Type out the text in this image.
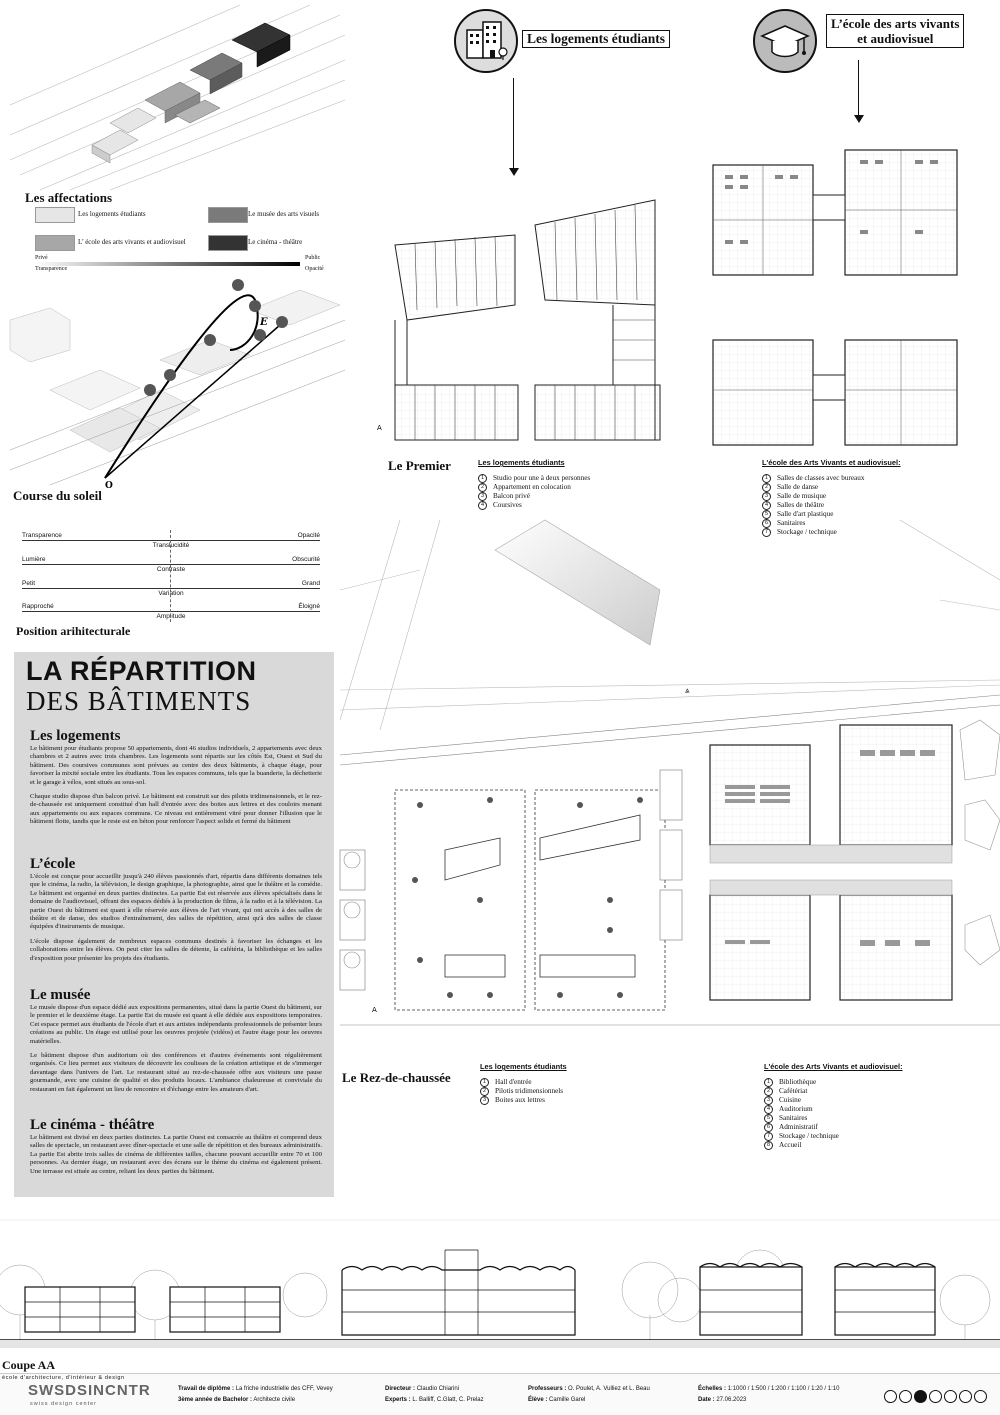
Les affectations
Les logements étudiants	Le musée des arts visuels
L’ école des arts vivants et audiovisuel	Le cinéma - théâtre
Privé
Transparence
Public
Opacité
E
O
Course du soleil
Transparence	Opacité
Translucidité
Lumière	Obscurité
Contraste
Petit	Grand
Variation
Rapproché	Éloigné
Amplitude
Position arihitecturale
LA RÉPARTITION
DES BÂTIMENTS
Les logements

Le bâtiment pour étudiants propose 50 appartements, dont 46 studios individuels, 2 appartements avec deux chambres et 2 autres avec trois chambres. Les logements sont répartis sur les côtés Est, Ouest et Sud du bâtiment. Des coursives communes sont prévues au centre des deux bâtiments, à chaque étage, pour favoriser la mixité sociale entre les étudiants. Tous les espaces communs, tels que la buanderie, la déchetterie et le garage à vélos, sont situés au sous-sol.

Chaque studio dispose d'un balcon privé. Le bâtiment est construit sur des pilotis tridimensionnels, et le rez-de-chaussée est uniquement constitué d'un hall d'entrée avec des boites aux lettres et des couloirs menant aux appartements ou aux espaces communs. Ce niveau est entièrement vitré pour donner l'illusion que le bâtiment flotte, tandis que le reste est en béton pour renforcer l'aspect solide et fermé du bâtiment

L’école

L'école est conçue pour accueillir jusqu'à 240 élèves passionnés d'art, répartis dans différents domaines tels que le cinéma, la radio, la télévision, le design graphique, la photographie, ainsi que le théâtre et la comédie. Le bâtiment est organisé en deux parties distinctes. La partie Est est réservée aux élèves spécialisés dans le domaine de l'audiovisuel, offrant des espaces dédiés à la production de films, à la radio et à la télévision. La partie Ouest du bâtiment est quant à elle réservée aux élèves de l'art vivant, qui ont accès à des salles de théâtre et de danse, des studios d'entraînement, des salles de répétition, ainsi qu'à des salles de classe équipées d'instruments de musique.

L'école dispose également de nombreux espaces communs destinés à favoriser les échanges et les collaborations entre les élèves. On peut citer les salles de détente, la cafétéria, la bibliothèque et les salles d'exposition pour présenter les projets des étudiants.

Le musée

Le musée dispose d'un espace dédié aux expositions permanentes, situé dans la partie Ouest du bâtiment, sur le premier et le deuxième étage. La partie Est du musée est quant à elle dédiée aux expositions temporaires. Cet espace permet aux étudiants de l'école d'art et aux artistes indépendants professionnels de présenter leurs créations au public. Un étage est utilisé pour les oeuvres projetée (vidéos) et l'autre étage pour les oeuvres matérielles.

Le bâtiment dispose d'un auditorium où des conférences et d'autres événements sont régulièrement organisés. Ce lieu permet aux visiteurs de découvrir les coulisses de la création artistique et de s'immerger davantage dans l'univers de l'art. Le restaurant situé au rez-de-chaussée offre aux visiteurs une pause gourmande, avec une cuisine de qualité et des produits locaux. L'ambiance chaleureuse et conviviale du restaurant en fait également un lieu de rencontre et d'échange entre les amateurs d'art.

Le cinéma - théâtre

Le bâtiment est divisé en deux parties distinctes. La partie Ouest est consacrée au théâtre et comprend deux salles de spectacle, un restaurant avec dîner-spectacle et une salle de répétition et des bureaux administratifs. La partie Est abrite trois salles de cinéma de différentes tailles, chacune pouvant accueillir entre 70 et 100 personnes. Au dernier étage, un restaurant avec des écrans sur le thème du cinéma est également présent. Une terrasse est située au centre, reliant les deux parties du bâtiment.

Les logements étudiants
L’école des arts vivants
et audiovisuel
A
Le Premier	Les logements étudiants
1	Studio pour une à deux personnes
2	Appartement en colocation
3	Balcon privé
4	Coursives
L'école des Arts Vivants et audiovisuel:
1	Salles de classes avec bureaux
2	Salle de danse
3	Salle de musique
4	Salles de théâtre
5	Salle d'art plastique
6	Sanitaires
7	Stockage / technique
⩓
A
Le Rez-de-chaussée
Les logements étudiants
1	Hall d'entrée
2	Pilotis tridimensionnels
3	Boites aux lettres
L'école des Arts Vivants et audiovisuel:
1	Bibliothèque
2	Cafétériat
3	Cuisine
4	Auditorium
5	Sanitaires
6	Administratif
7	Stockage / technique
8	Accueil
Coupe AA
école d'architecture, d'intérieur & design
SWSDSINCNTR
swiss design center
Travail de diplôme : La friche industrielle des CFF, Vevey
3ème année de Bachelor : Architecte civile
Directeur : Claudio Chiarini
Experts : L. Balliff, C.Glatt, C. Prelaz
Professeurs : O. Poulet, A. Vulliez et L. Beau
Élève : Camille Garel
Échelles : 1:1000 / 1:500 / 1:200 / 1:100 / 1:20 / 1:10
Date : 27.06.2023
